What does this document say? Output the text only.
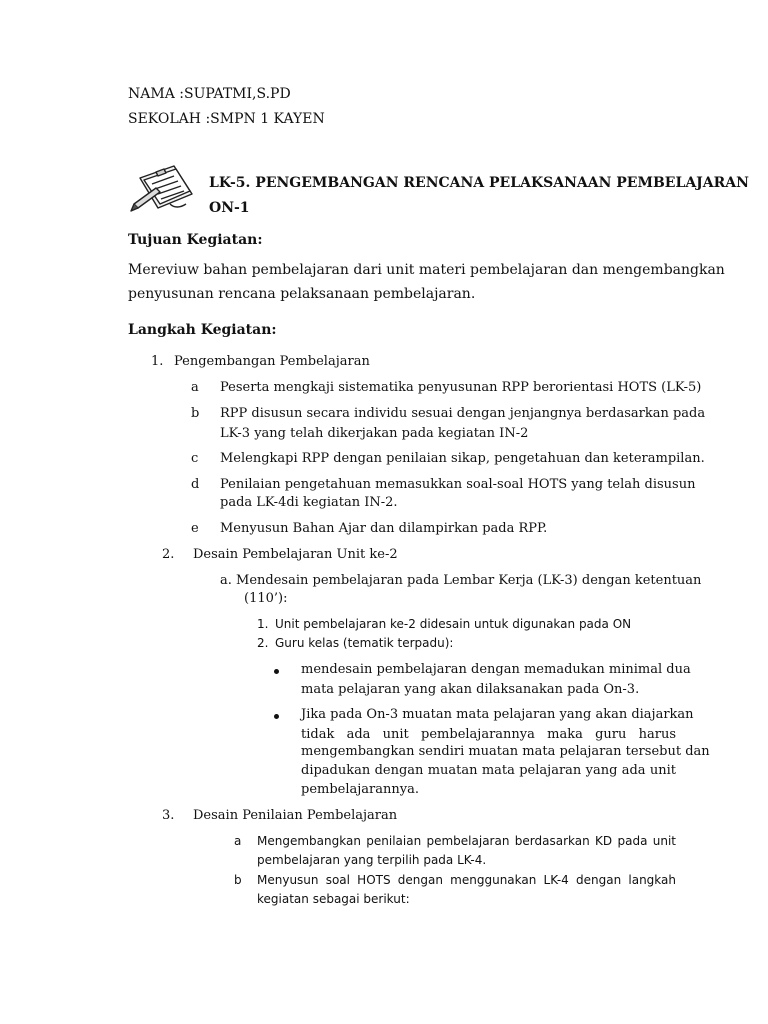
NAMA :SUPATMI,S.PD
SEKOLAH :SMPN 1 KAYEN
LK-5. PENGEMBANGAN RENCANA PELAKSANAAN PEMBELAJARAN
ON-1
Tujuan Kegiatan:
Mereviuw bahan pembelajaran dari unit materi pembelajaran dan mengembangkan
penyusunan rencana pelaksanaan pembelajaran.
Langkah Kegiatan:
1. Pengembangan Pembelajaran
a Peserta mengkaji sistematika penyusunan RPP berorientasi HOTS (LK-5)
b RPP disusun secara individu sesuai dengan jenjangnya berdasarkan pada
LK-3 yang telah dikerjakan pada kegiatan IN-2
c Melengkapi RPP dengan penilaian sikap, pengetahuan dan keterampilan.
d Penilaian pengetahuan memasukkan soal-soal HOTS yang telah disusun
pada LK-4di kegiatan IN-2.
e Menyusun Bahan Ajar dan dilampirkan pada RPP.
2. Desain Pembelajaran Unit ke-2
a. Mendesain pembelajaran pada Lembar Kerja (LK-3) dengan ketentuan
(110’):
1. Unit pembelajaran ke-2 didesain untuk digunakan pada ON
2. Guru kelas (tematik terpadu):
mendesain pembelajaran dengan memadukan minimal dua
mata pelajaran yang akan dilaksanakan pada On-3.
Jika pada On-3 muatan mata pelajaran yang akan diajarkan
tidak ada unit pembelajarannya maka guru harus
mengembangkan sendiri muatan mata pelajaran tersebut dan
dipadukan dengan muatan mata pelajaran yang ada unit
pembelajarannya.
3. Desain Penilaian Pembelajaran
a Mengembangkan penilaian pembelajaran berdasarkan KD pada unit
pembelajaran yang terpilih pada LK-4.
b Menyusun soal HOTS dengan menggunakan LK-4 dengan langkah
kegiatan sebagai berikut:
